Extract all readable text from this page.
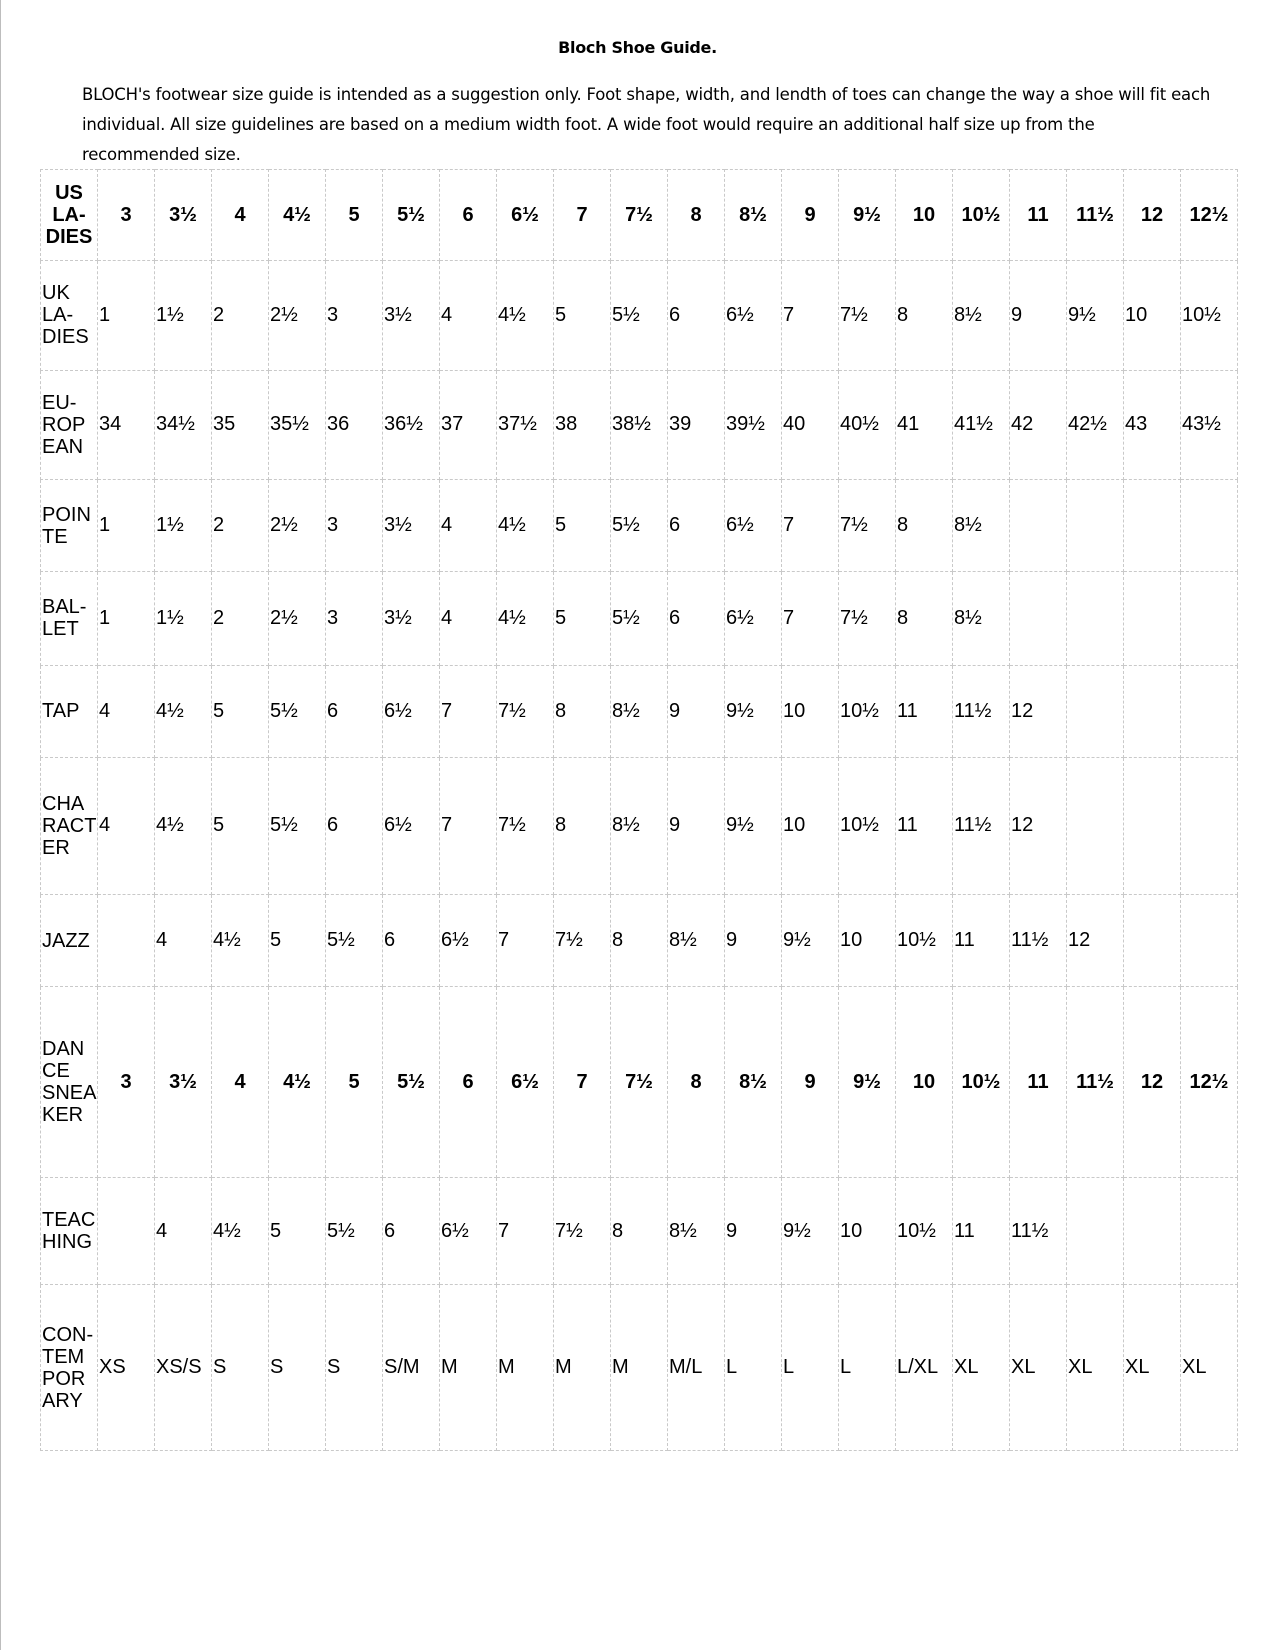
Bloch Shoe Guide.
BLOCH's footwear size guide is intended as a suggestion only. Foot shape, width, and lendth of toes can change the way a shoe will fit each individual. All size guidelines are based on a medium width foot. A wide foot would require an additional half size up from the recommended size.
US LA- DIES	3	3½	4	4½	5	5½	6	6½	7	7½	8	8½	9	9½	10	10½	11	11½	12	12½
UK LA- DIES	1	1½	2	2½	3	3½	4	4½	5	5½	6	6½	7	7½	8	8½	9	9½	10	10½
EU- ROP EAN	34	34½	35	35½	36	36½	37	37½	38	38½	39	39½	40	40½	41	41½	42	42½	43	43½
POIN TE	1	1½	2	2½	3	3½	4	4½	5	5½	6	6½	7	7½	8	8½				
BAL- LET	1	1½	2	2½	3	3½	4	4½	5	5½	6	6½	7	7½	8	8½				
TAP	4	4½	5	5½	6	6½	7	7½	8	8½	9	9½	10	10½	11	11½	12			
CHA RACT ER	4	4½	5	5½	6	6½	7	7½	8	8½	9	9½	10	10½	11	11½	12			
JAZZ		4	4½	5	5½	6	6½	7	7½	8	8½	9	9½	10	10½	11	11½	12		
DAN CE SNEA KER	3	3½	4	4½	5	5½	6	6½	7	7½	8	8½	9	9½	10	10½	11	11½	12	12½
TEAC HING		4	4½	5	5½	6	6½	7	7½	8	8½	9	9½	10	10½	11	11½			
CON- TEM POR ARY	XS	XS/S	S	S	S	S/M	M	M	M	M	M/L	L	L	L	L/XL	XL	XL	XL	XL	XL
